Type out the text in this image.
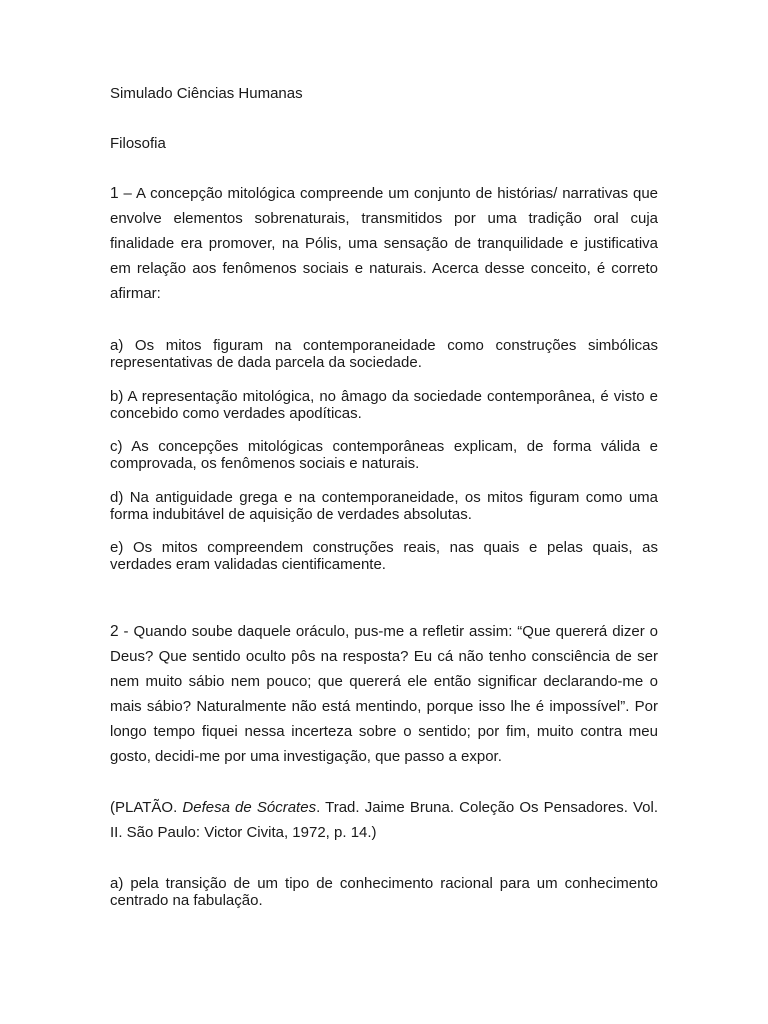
Simulado Ciências Humanas
Filosofia
1 – A concepção mitológica compreende um conjunto de histórias/ narrativas que envolve elementos sobrenaturais, transmitidos por uma tradição oral cuja finalidade era promover, na Pólis, uma sensação de tranquilidade e justificativa em relação aos fenômenos sociais e naturais. Acerca desse conceito, é correto afirmar:
a) Os mitos figuram na contemporaneidade como construções simbólicas representativas de dada parcela da sociedade.
b) A representação mitológica, no âmago da sociedade contemporânea, é visto e concebido como verdades apodíticas.
c) As concepções mitológicas contemporâneas explicam, de forma válida e comprovada, os fenômenos sociais e naturais.
d) Na antiguidade grega e na contemporaneidade, os mitos figuram como uma forma indubitável de aquisição de verdades absolutas.
e) Os mitos compreendem construções reais, nas quais e pelas quais, as verdades eram validadas cientificamente.
2 - Quando soube daquele oráculo, pus-me a refletir assim: “Que quererá dizer o Deus? Que sentido oculto pôs na resposta? Eu cá não tenho consciência de ser nem muito sábio nem pouco; que quererá ele então significar declarando-me o mais sábio? Naturalmente não está mentindo, porque isso lhe é impossível”. Por longo tempo fiquei nessa incerteza sobre o sentido; por fim, muito contra meu gosto, decidi-me por uma investigação, que passo a expor.
(PLATÃO. Defesa de Sócrates. Trad. Jaime Bruna. Coleção Os Pensadores. Vol. II. São Paulo: Victor Civita, 1972, p. 14.)
a) pela transição de um tipo de conhecimento racional para um conhecimento centrado na fabulação.
